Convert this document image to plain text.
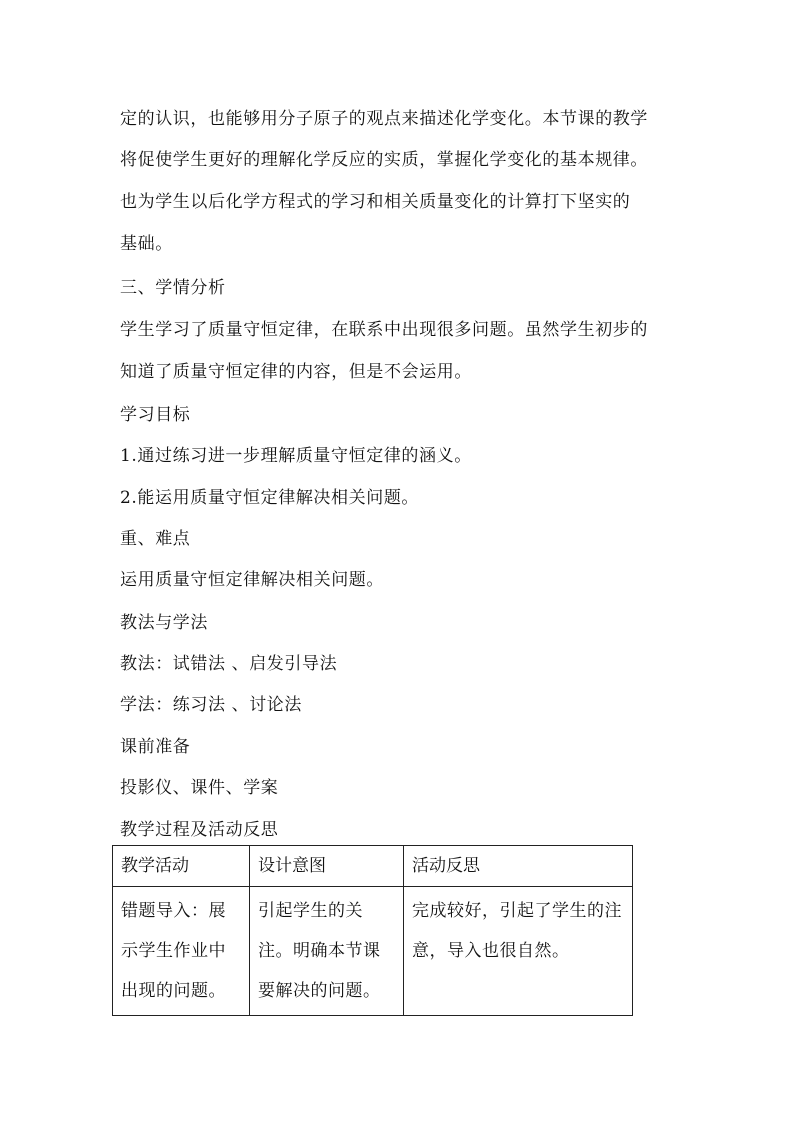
定的认识，也能够用分子原子的观点来描述化学变化。本节课的教学
将促使学生更好的理解化学反应的实质，掌握化学变化的基本规律。
也为学生以后化学方程式的学习和相关质量变化的计算打下坚实的
基础。
三、学情分析
学生学习了质量守恒定律，在联系中出现很多问题。虽然学生初步的
知道了质量守恒定律的内容，但是不会运用。
学习目标
1.通过练习进一步理解质量守恒定律的涵义。
2.能运用质量守恒定律解决相关问题。
重、难点
运用质量守恒定律解决相关问题。
教法与学法
教法：试错法 、启发引导法
学法：练习法 、讨论法
课前准备
投影仪、课件、学案
教学过程及活动反思
教学活动	设计意图	活动反思

错题导入：展示学生作业中出现的问题。	引起学生的关注。明确本节课要解决的问题。	完成较好，引起了学生的注意，导入也很自然。
